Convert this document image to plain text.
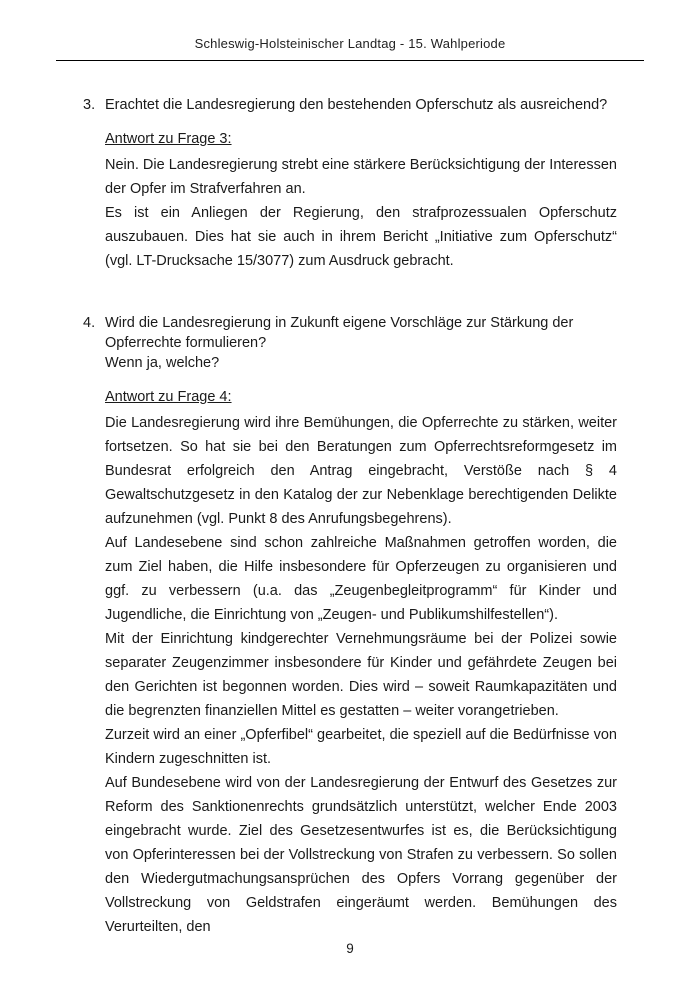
Schleswig-Holsteinischer Landtag - 15. Wahlperiode
3. Erachtet die Landesregierung den bestehenden Opferschutz als ausreichend?

Antwort zu Frage 3:

Nein. Die Landesregierung strebt eine stärkere Berücksichtigung der Interessen der Opfer im Strafverfahren an.

Es ist ein Anliegen der Regierung, den strafprozessualen Opferschutz auszubauen. Dies hat sie auch in ihrem Bericht „Initiative zum Opferschutz“ (vgl. LT-Drucksache 15/3077) zum Ausdruck gebracht.

4. Wird die Landesregierung in Zukunft eigene Vorschläge zur Stärkung der Opferrechte formulieren?
Wenn ja, welche?

Antwort zu Frage 4:

Die Landesregierung wird ihre Bemühungen, die Opferrechte zu stärken, weiter fortsetzen. So hat sie bei den Beratungen zum Opferrechtsreformgesetz im Bundesrat erfolgreich den Antrag eingebracht, Verstöße nach § 4 Gewaltschutzgesetz in den Katalog der zur Nebenklage berechtigenden Delikte aufzunehmen (vgl. Punkt 8 des Anrufungsbegehrens).

Auf Landesebene sind schon zahlreiche Maßnahmen getroffen worden, die zum Ziel haben, die Hilfe insbesondere für Opferzeugen zu organisieren und ggf. zu verbessern (u.a. das „Zeugenbegleitprogramm“ für Kinder und Jugendliche, die Einrichtung von „Zeugen- und Publikumshilfestellen“).

Mit der Einrichtung kindgerechter Vernehmungsräume bei der Polizei sowie separater Zeugenzimmer insbesondere für Kinder und gefährdete Zeugen bei den Gerichten ist begonnen worden. Dies wird – soweit Raumkapazitäten und die begrenzten finanziellen Mittel es gestatten – weiter vorangetrieben.

Zurzeit wird an einer „Opferfibel“ gearbeitet, die speziell auf die Bedürfnisse von Kindern zugeschnitten ist.

Auf Bundesebene wird von der Landesregierung der Entwurf des Gesetzes zur Reform des Sanktionenrechts grundsätzlich unterstützt, welcher Ende 2003 eingebracht wurde. Ziel des Gesetzesentwurfes ist es, die Berücksichtigung von Opferinteressen bei der Vollstreckung von Strafen zu verbessern. So sollen den Wiedergutmachungsansprüchen des Opfers Vorrang gegenüber der Vollstreckung von Geldstrafen eingeräumt werden. Bemühungen des Verurteilten, den

9
